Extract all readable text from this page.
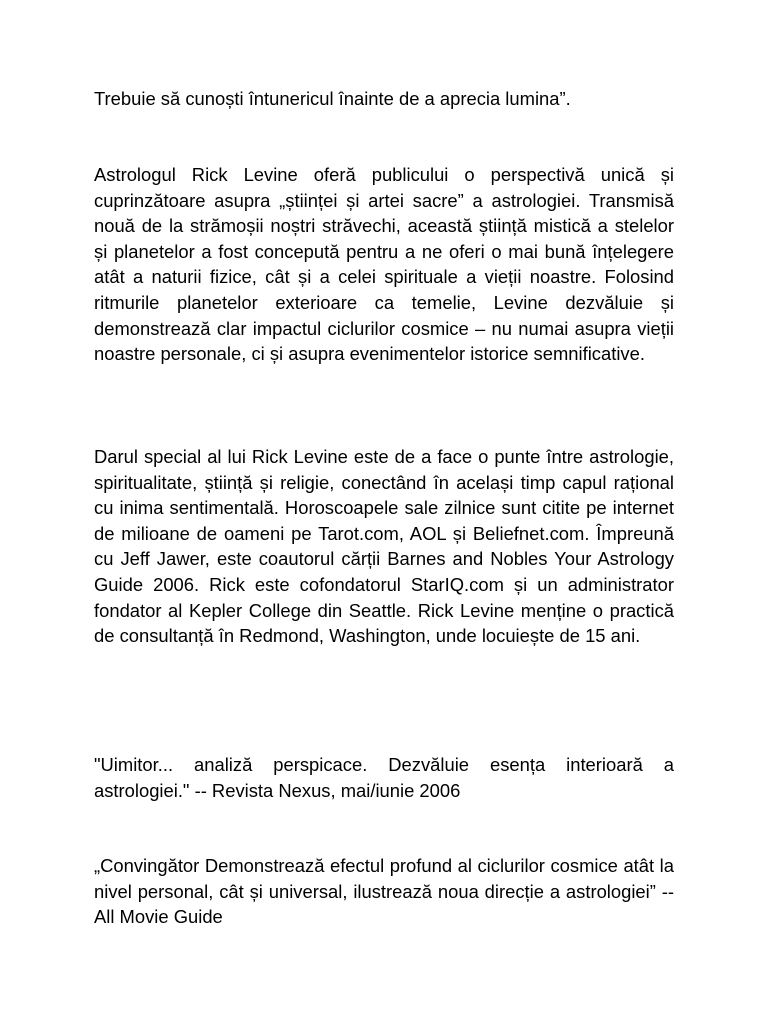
Trebuie să cunoști întunericul înainte de a aprecia lumina”.

Astrologul Rick Levine oferă publicului o perspectivă unică și cuprinzătoare asupra „științei și artei sacre” a astrologiei. Transmisă nouă de la strămoșii noștri străvechi, această știință mistică a stelelor și planetelor a fost concepută pentru a ne oferi o mai bună înțelegere atât a naturii fizice, cât și a celei spirituale a vieții noastre. Folosind ritmurile planetelor exterioare ca temelie, Levine dezvăluie și demonstrează clar impactul ciclurilor cosmice – nu numai asupra vieții noastre personale, ci și asupra evenimentelor istorice semnificative.

Darul special al lui Rick Levine este de a face o punte între astrologie, spiritualitate, știință și religie, conectând în același timp capul rațional cu inima sentimentală. Horoscoapele sale zilnice sunt citite pe internet de milioane de oameni pe Tarot.com, AOL și Beliefnet.com. Împreună cu Jeff Jawer, este coautorul cărții Barnes and Nobles Your Astrology Guide 2006. Rick este cofondatorul StarIQ.com și un administrator fondator al Kepler College din Seattle. Rick Levine menține o practică de consultanță în Redmond, Washington, unde locuiește de 15 ani.

"Uimitor... analiză perspicace. Dezvăluie esența interioară a astrologiei." -- Revista Nexus, mai/iunie 2006

„Convingător Demonstrează efectul profund al ciclurilor cosmice atât la nivel personal, cât și universal, ilustrează noua direcție a astrologiei” -- All Movie Guide
